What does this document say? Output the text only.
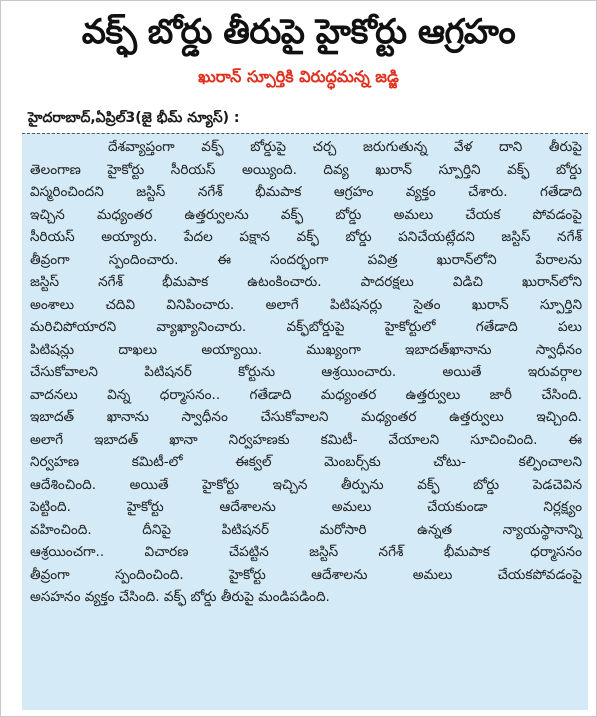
వక్ఫ్ బోర్డు తీరుపై హైకోర్టు ఆగ్రహం
ఖురాన్ స్పూర్తికి విరుద్ధమన్న జడ్జి
హైదరాబాద్,ఏప్రిల్3(జై భీమ్ న్యూస్) :
దేశవ్యాప్తంగా వక్ఫ్ బోర్డుపై చర్చ జరుగుతున్న వేళ దాని తీరుపై
తెలంగాణ హైకోర్టు సీరియస్ అయ్యింది. దివ్య ఖురాన్ స్పూర్తిని వక్ఫ్ బోర్డు
విస్మరించిందని జస్టిస్ నగేశ్ భీమపాక ఆగ్రహం వ్యక్తం చేశారు. గతేడాది
ఇచ్చిన మధ్యంతర ఉత్తర్వులను వక్ఫ్ బోర్డు అమలు చేయక పోవడంపై
సీరియస్ అయ్యారు. పేదల పక్షాన వక్ఫ్ బోర్డు పనిచేయట్లేదని జస్టిస్ నగేశ్
తీవ్రంగా స్పందించారు. ఈ సందర్భంగా పవిత్ర ఖురాన్‌లోని పేరాలను
జస్టిస్ నగేశ్ భీమపాక ఉటంకించారు. పాదరక్షలు విడిచి ఖురాన్‌లోని
అంశాలు చదివి వినిపించారు. అలాగే పిటిషనర్లు సైతం ఖురాన్ స్పూర్తిని
మరిచిపోయారని వ్యాఖ్యానించారు. వక్ఫ్‌బోర్డుపై హైకోర్టులో గతేడాది పలు
పిటిషన్లు దాఖలు అయ్యాయి. ముఖ్యంగా ఇబాదత్‌ఖానాను స్వాధీనం
చేసుకోవాలని పిటిషనర్ కోర్టును ఆశ్రయించారు. అయితే ఇరువర్గాల
వాదనలు విన్న ధర్మాసనం.. గతేడాది మధ్యంతర ఉత్తర్వులు జారీ చేసింది.
ఇబాదత్ ఖానాను స్వాధీనం చేసుకోవాలని మధ్యంతర ఉత్తర్వులు ఇచ్చింది.
అలాగే ఇబాదత్ ఖానా నిర్వహణకు కమిటీ- వేయాలని సూచించింది. ఈ
నిర్వహణ కమిటీ-లో ఈక్వల్ మెంబర్స్‌కు చోటు- కల్పించాలని
ఆదేశించింది. అయితే హైకోర్టు ఇచ్చిన తీర్పును వక్ఫ్ బోర్డు పెడచెవిన
పెట్టింది. హైకోర్టు ఆదేశాలను అమలు చేయకుండా నిర్లక్ష్యం
వహించింది. దీనిపై పిటిషనర్ మరోసారి ఉన్నత న్యాయస్థానాన్ని
ఆశ్రయించగా.. విచారణ చేపట్టిన జస్టిస్ నగేశ్ భీమపాక ధర్మాసనం
తీవ్రంగా స్పందించింది. హైకోర్టు ఆదేశాలను అమలు చేయకపోవడంపై
అసహనం వ్యక్తం చేసింది. వక్ఫ్ బోర్డు తీరుపై మండిపడింది.
